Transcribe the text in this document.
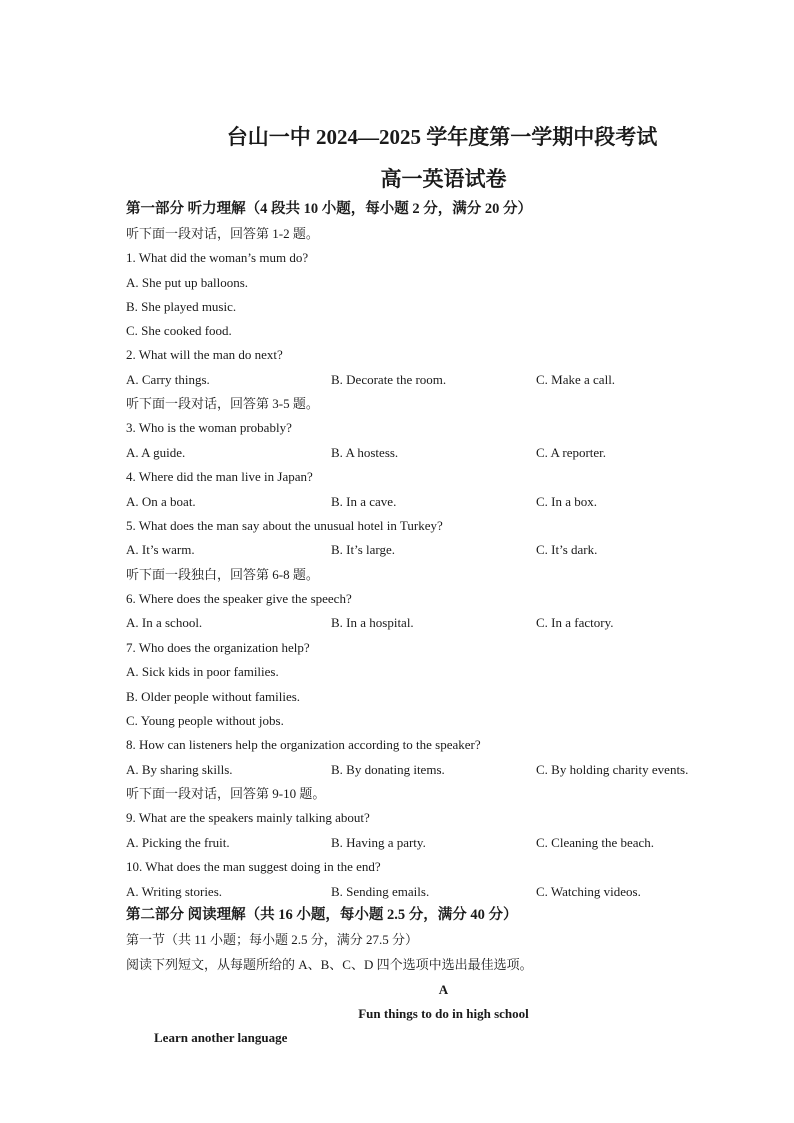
台山一中 2024—2025 学年度第一学期中段考试
高一英语试卷
第一部分 听力理解（4 段共 10 小题，每小题 2 分，满分 20 分）
听下面一段对话，回答第 1-2 题。
1. What did the woman’s mum do?
A. She put up balloons.
B. She played music.
C. She cooked food.
2. What will the man do next?
A. Carry things.	B. Decorate the room.	C. Make a call.
听下面一段对话，回答第 3-5 题。
3. Who is the woman probably?
A. A guide.	B. A hostess.	C. A reporter.
4. Where did the man live in Japan?
A. On a boat.	B. In a cave.	C. In a box.
5. What does the man say about the unusual hotel in Turkey?
A. It’s warm.	B. It’s large.	C. It’s dark.
听下面一段独白，回答第 6-8 题。
6. Where does the speaker give the speech?
A. In a school.	B. In a hospital.	C. In a factory.
7. Who does the organization help?
A. Sick kids in poor families.
B. Older people without families.
C. Young people without jobs.
8. How can listeners help the organization according to the speaker?
A. By sharing skills.	B. By donating items.	C. By holding charity events.
听下面一段对话，回答第 9-10 题。
9. What are the speakers mainly talking about?
A. Picking the fruit.	B. Having a party.	C. Cleaning the beach.
10. What does the man suggest doing in the end?
A. Writing stories.	B. Sending emails.	C. Watching videos.
第二部分 阅读理解（共 16 小题，每小题 2.5 分，满分 40 分）
第一节（共 11 小题；每小题 2.5 分，满分 27.5 分）
阅读下列短文，从每题所给的 A、B、C、D 四个选项中选出最佳选项。
A
Fun things to do in high school
Learn another language
